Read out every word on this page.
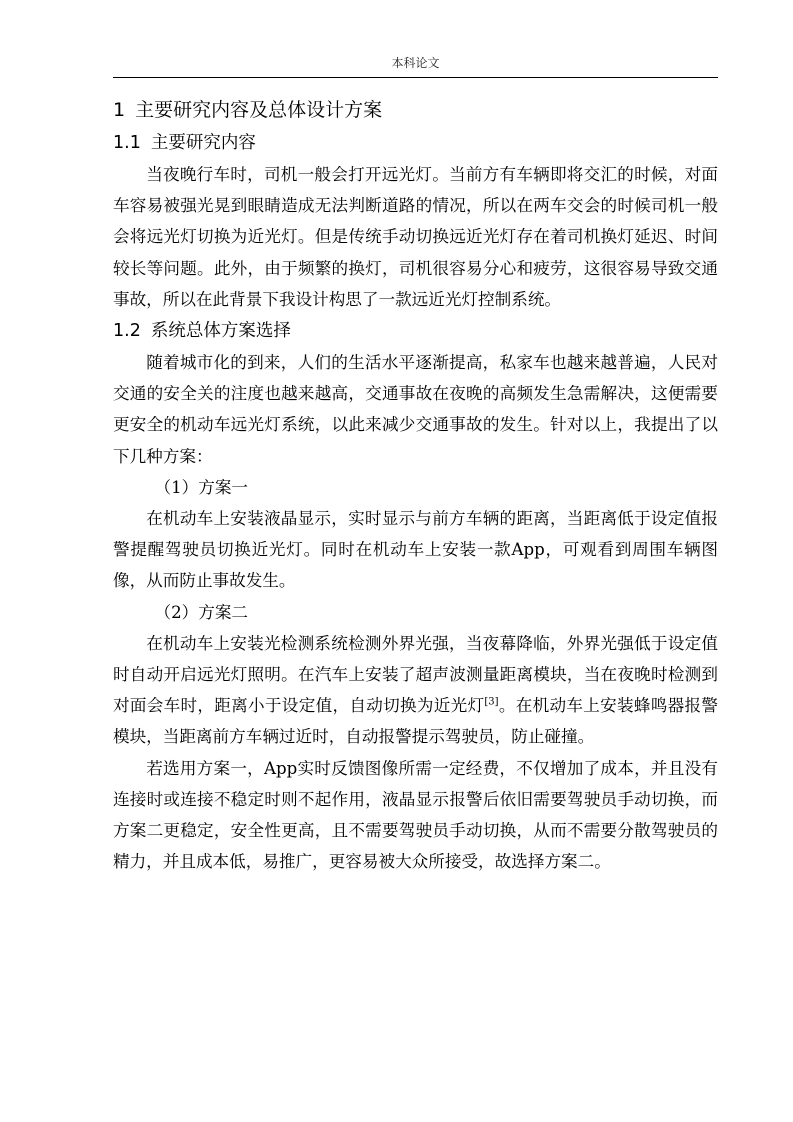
本科论文
1 主要研究内容及总体设计方案
1.1 主要研究内容

当夜晚行车时，司机一般会打开远光灯。当前方有车辆即将交汇的时候，对面车容易被强光晃到眼睛造成无法判断道路的情况，所以在两车交会的时候司机一般会将远光灯切换为近光灯。但是传统手动切换远近光灯存在着司机换灯延迟、时间较长等问题。此外，由于频繁的换灯，司机很容易分心和疲劳，这很容易导致交通事故，所以在此背景下我设计构思了一款远近光灯控制系统。

1.2 系统总体方案选择

随着城市化的到来，人们的生活水平逐渐提高，私家车也越来越普遍，人民对交通的安全关的注度也越来越高，交通事故在夜晚的高频发生急需解决，这便需要更安全的机动车远光灯系统，以此来减少交通事故的发生。针对以上，我提出了以下几种方案：

（1）方案一

在机动车上安装液晶显示，实时显示与前方车辆的距离，当距离低于设定值报警提醒驾驶员切换近光灯。同时在机动车上安装一款App，可观看到周围车辆图像，从而防止事故发生。

（2）方案二

在机动车上安装光检测系统检测外界光强，当夜幕降临，外界光强低于设定值时自动开启远光灯照明。在汽车上安装了超声波测量距离模块，当在夜晚时检测到对面会车时，距离小于设定值，自动切换为近光灯[3]。在机动车上安装蜂鸣器报警模块，当距离前方车辆过近时，自动报警提示驾驶员，防止碰撞。

若选用方案一，App实时反馈图像所需一定经费，不仅增加了成本，并且没有连接时或连接不稳定时则不起作用，液晶显示报警后依旧需要驾驶员手动切换，而方案二更稳定，安全性更高，且不需要驾驶员手动切换，从而不需要分散驾驶员的精力，并且成本低，易推广，更容易被大众所接受，故选择方案二。
